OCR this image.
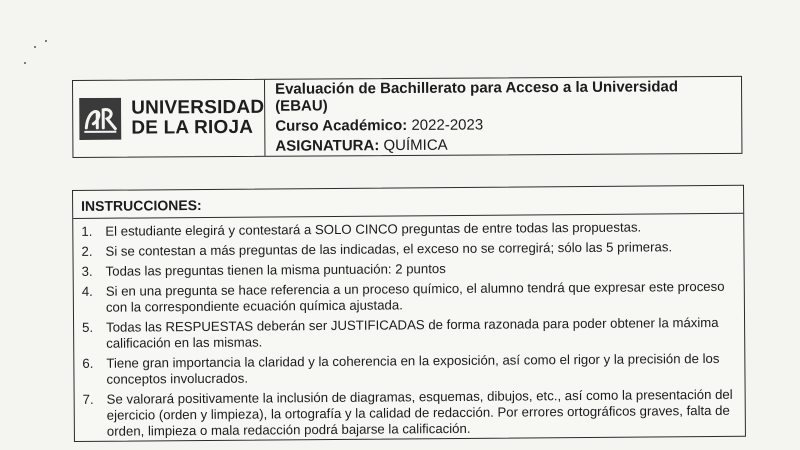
UNIVERSIDAD
DE LA RIOJA
Evaluación de Bachillerato para Acceso a la Universidad (EBAU)
Curso Académico: 2022-2023
ASIGNATURA: QUÍMICA
INSTRUCCIONES:
1. El estudiante elegirá y contestará a SOLO CINCO preguntas de entre todas las propuestas.
2. Si se contestan a más preguntas de las indicadas, el exceso no se corregirá; sólo las 5 primeras.
3. Todas las preguntas tienen la misma puntuación: 2 puntos
4. Si en una pregunta se hace referencia a un proceso químico, el alumno tendrá que expresar este proceso con la correspondiente ecuación química ajustada.
5. Todas las RESPUESTAS deberán ser JUSTIFICADAS de forma razonada para poder obtener la máxima calificación en las mismas.
6. Tiene gran importancia la claridad y la coherencia en la exposición, así como el rigor y la precisión de los conceptos involucrados.
7. Se valorará positivamente la inclusión de diagramas, esquemas, dibujos, etc., así como la presentación del ejercicio (orden y limpieza), la ortografía y la calidad de redacción. Por errores ortográficos graves, falta de orden, limpieza o mala redacción podrá bajarse la calificación.
